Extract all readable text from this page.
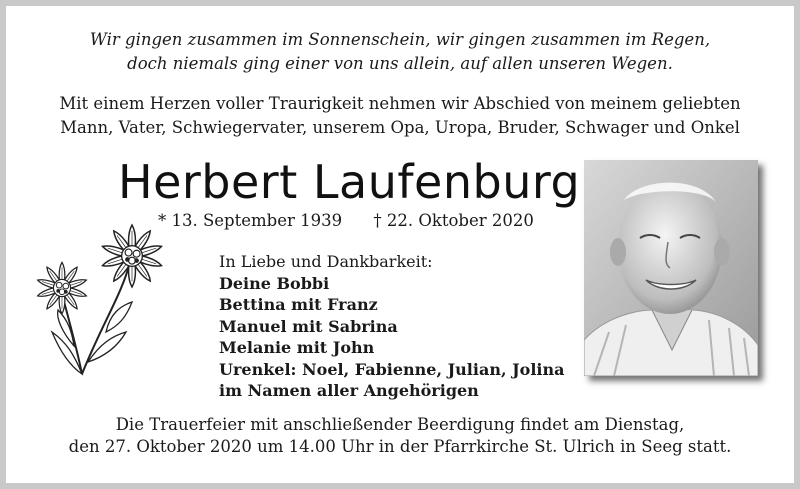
Wir gingen zusammen im Sonnenschein, wir gingen zusammen im Regen,
doch niemals ging einer von uns allein, auf allen unseren Wegen.
Mit einem Herzen voller Traurigkeit nehmen wir Abschied von meinem geliebten
Mann, Vater, Schwiegervater, unserem Opa, Uropa, Bruder, Schwager und Onkel
Herbert Laufenburg
* 13. September 1939 † 22. Oktober 2020
In Liebe und Dankbarkeit:
Deine Bobbi
Bettina mit Franz
Manuel mit Sabrina
Melanie mit John
Urenkel: Noel, Fabienne, Julian, Jolina
im Namen aller Angehörigen
Die Trauerfeier mit anschließender Beerdigung findet am Dienstag,
den 27. Oktober 2020 um 14.00 Uhr in der Pfarrkirche St. Ulrich in Seeg statt.
